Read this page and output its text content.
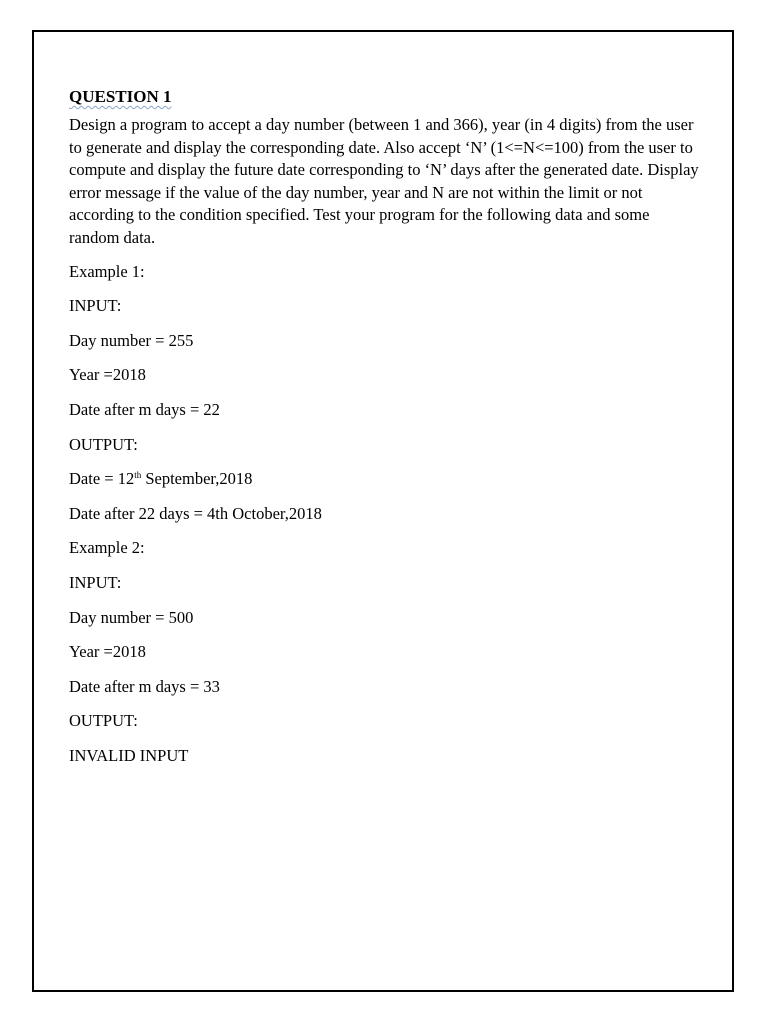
QUESTION 1

Design a program to accept a day number (between 1 and 366), year (in 4 digits) from the user to generate and display the corresponding date. Also accept ‘N’ (1<=N<=100) from the user to compute and display the future date corresponding to ‘N’ days after the generated date. Display error message if the value of the day number, year and N are not within the limit or not according to the condition specified. Test your program for the following data and some random data.

Example 1:
INPUT:
Day number = 255
Year =2018
Date after m days = 22
OUTPUT:
Date = 12th September,2018
Date after 22 days = 4th October,2018
Example 2:
INPUT:
Day number = 500
Year =2018
Date after m days = 33
OUTPUT:
INVALID INPUT
